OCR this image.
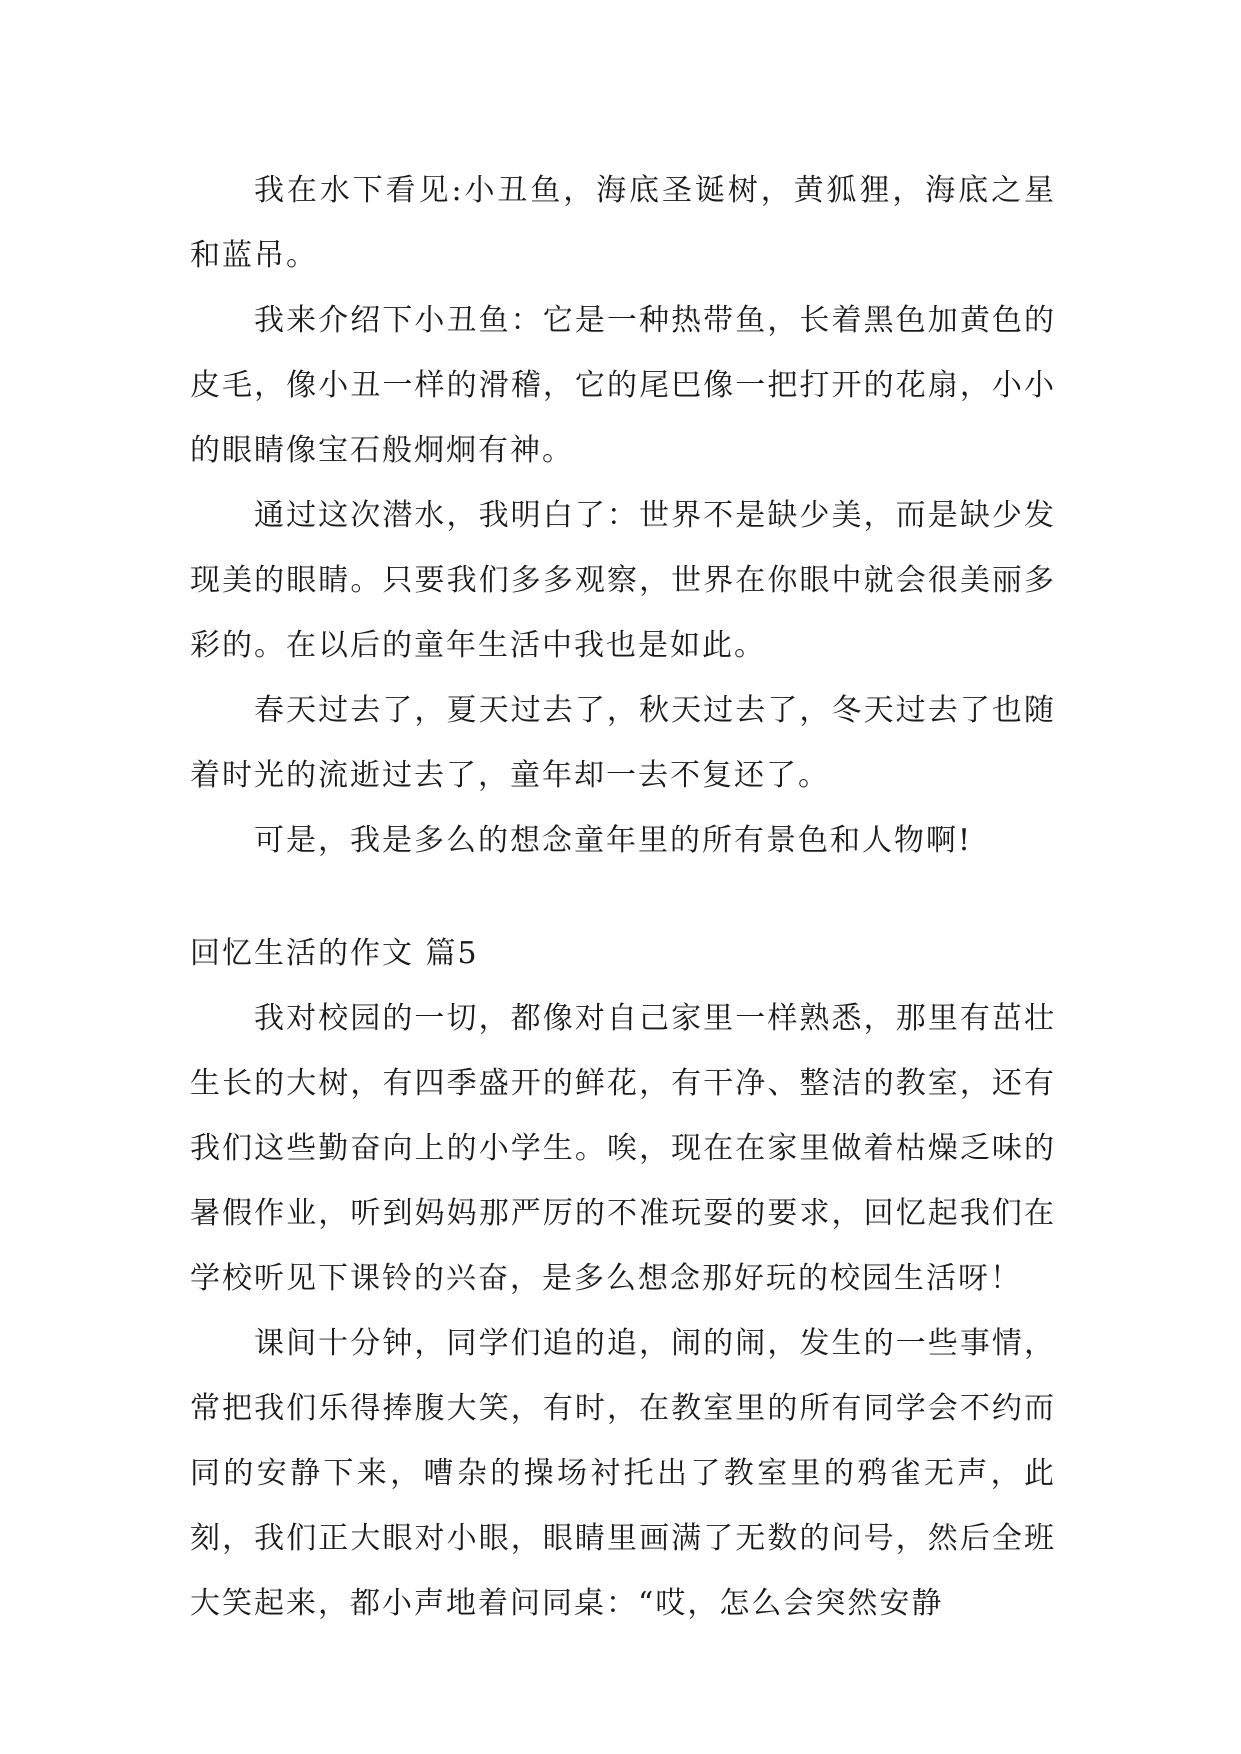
我在水下看见:小丑鱼，海底圣诞树，黄狐狸，海底之星和蓝吊。

我来介绍下小丑鱼：它是一种热带鱼，长着黑色加黄色的皮毛，像小丑一样的滑稽，它的尾巴像一把打开的花扇，小小的眼睛像宝石般炯炯有神。

通过这次潜水，我明白了：世界不是缺少美，而是缺少发现美的眼睛。只要我们多多观察，世界在你眼中就会很美丽多彩的。在以后的童年生活中我也是如此。

春天过去了，夏天过去了，秋天过去了，冬天过去了也随着时光的流逝过去了，童年却一去不复还了。

可是，我是多么的想念童年里的所有景色和人物啊!

回忆生活的作文 篇5

我对校园的一切，都像对自己家里一样熟悉，那里有茁壮生长的大树，有四季盛开的鲜花，有干净、整洁的教室，还有我们这些勤奋向上的小学生。唉，现在在家里做着枯燥乏味的暑假作业，听到妈妈那严厉的不准玩耍的要求，回忆起我们在学校听见下课铃的兴奋，是多么想念那好玩的校园生活呀！

课间十分钟，同学们追的追，闹的闹，发生的一些事情，常把我们乐得捧腹大笑，有时，在教室里的所有同学会不约而同的安静下来，嘈杂的操场衬托出了教室里的鸦雀无声，此刻，我们正大眼对小眼，眼睛里画满了无数的问号，然后全班大笑起来，都小声地着问同桌：“哎，怎么会突然安静
